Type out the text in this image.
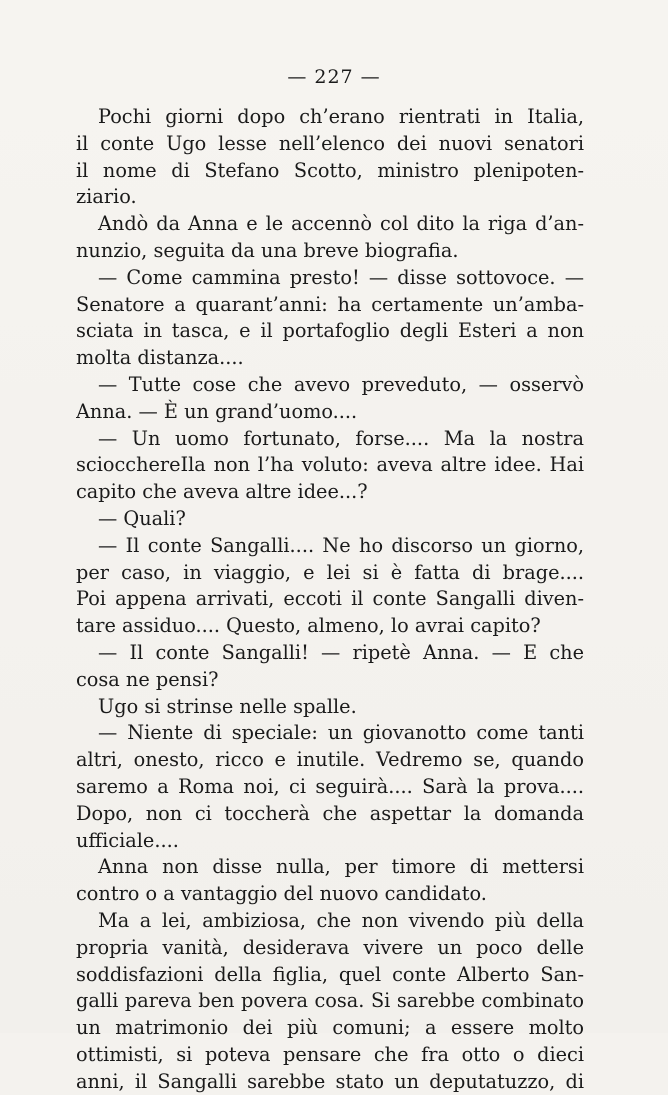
— 227 —
Pochi giorni dopo ch’erano rientrati in Italia,
il conte Ugo lesse nell’elenco dei nuovi senatori
il nome di Stefano Scotto, ministro plenipoten-
ziario.
Andò da Anna e le accennò col dito la riga d’an-
nunzio, seguita da una breve biografia.
— Come cammina presto! — disse sottovoce. —
Senatore a quarant’anni: ha certamente un’amba-
sciata in tasca, e il portafoglio degli Esteri a non
molta distanza....
— Tutte cose che avevo preveduto, — osservò
Anna. — È un grand’uomo....
— Un uomo fortunato, forse.... Ma la nostra
sciocchereIla non l’ha voluto: aveva altre idee. Hai
capito che aveva altre idee...?
— Quali?
— Il conte Sangalli.... Ne ho discorso un giorno,
per caso, in viaggio, e lei si è fatta di brage....
Poi appena arrivati, eccoti il conte Sangalli diven-
tare assiduo.... Questo, almeno, lo avrai capito?
— Il conte Sangalli! — ripetè Anna. — E che
cosa ne pensi?
Ugo si strinse nelle spalle.
— Niente di speciale: un giovanotto come tanti
altri, onesto, ricco e inutile. Vedremo se, quando
saremo a Roma noi, ci seguirà.... Sarà la prova....
Dopo, non ci toccherà che aspettar la domanda
ufficiale....
Anna non disse nulla, per timore di mettersi
contro o a vantaggio del nuovo candidato.
Ma a lei, ambiziosa, che non vivendo più della
propria vanità, desiderava vivere un poco delle
soddisfazioni della figlia, quel conte Alberto San-
galli pareva ben povera cosa. Si sarebbe combinato
un matrimonio dei più comuni; a essere molto
ottimisti, si poteva pensare che fra otto o dieci
anni, il Sangalli sarebbe stato un deputatuzzo, di
